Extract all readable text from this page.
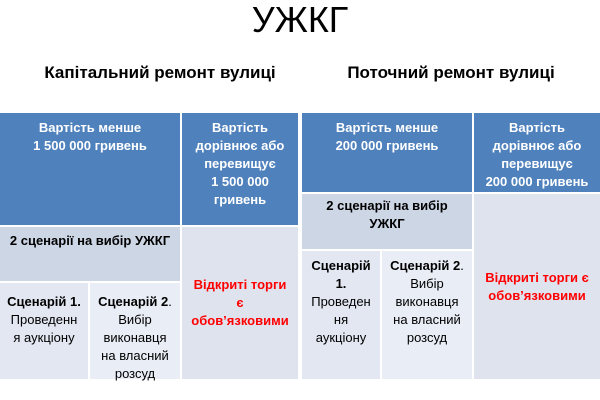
УЖКГ
Капітальний ремонт вулиці	Поточний ремонт вулиці
Вартість менше
1 500 000 гривень
Вартість
дорівнює або
перевищує
1 500 000
гривень
2 сценарії на вибір УЖКГ
Сценарій 1.
Проведенн
я аукціону
Сценарій 2.
Вибір
виконавця
на власний
розсуд
Відкриті торги
є
обов’язковими
Вартість менше
200 000 гривень
Вартість
дорівнює або
перевищує
200 000 гривень
2 сценарії на вибір
УЖКГ
Сценарій
1.
Проведен
ня
аукціону
Сценарій 2.
Вибір
виконавця
на власний
розсуд
Відкриті торги є
обов’язковими
